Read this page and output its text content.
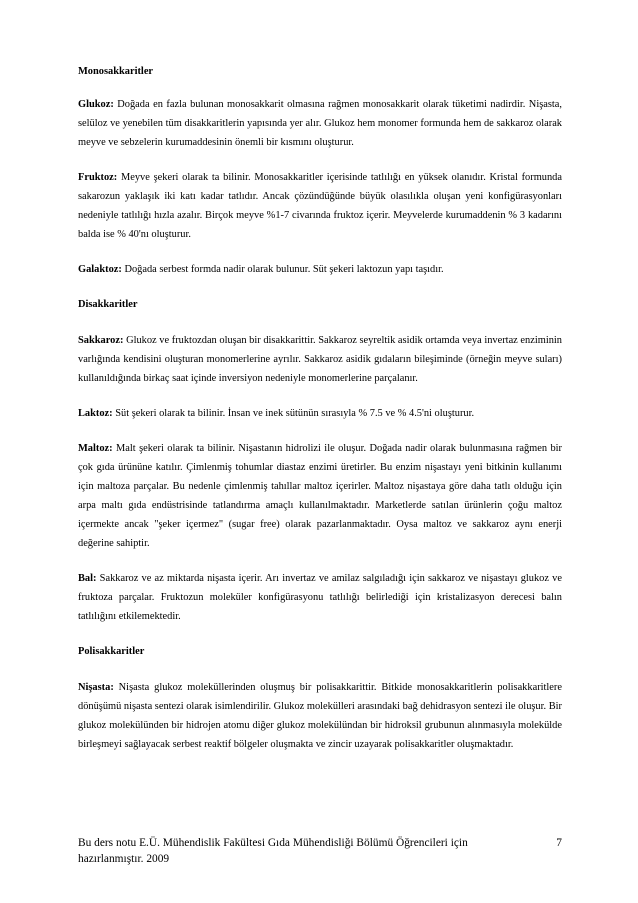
Monosakkaritler

Glukoz: Doğada en fazla bulunan monosakkarit olmasına rağmen monosakkarit olarak tüketimi nadirdir. Nişasta, selüloz ve yenebilen tüm disakkaritlerin yapısında yer alır. Glukoz hem monomer formunda hem de sakkaroz olarak meyve ve sebzelerin kurumaddesinin önemli bir kısmını oluşturur.

Fruktoz: Meyve şekeri olarak ta bilinir. Monosakkaritler içerisinde tatlılığı en yüksek olanıdır. Kristal formunda sakarozun yaklaşık iki katı kadar tatlıdır. Ancak çözündüğünde büyük olasılıkla oluşan yeni konfigürasyonları nedeniyle tatlılığı hızla azalır. Birçok meyve %1-7 civarında fruktoz içerir. Meyvelerde kurumaddenin % 3 kadarını balda ise % 40'nı oluşturur.

Galaktoz: Doğada serbest formda nadir olarak bulunur. Süt şekeri laktozun yapı taşıdır.

Disakkaritler

Sakkaroz: Glukoz ve fruktozdan oluşan bir disakkarittir. Sakkaroz seyreltik asidik ortamda veya invertaz enziminin varlığında kendisini oluşturan monomerlerine ayrılır. Sakkaroz asidik gıdaların bileşiminde (örneğin meyve suları) kullanıldığında birkaç saat içinde inversiyon nedeniyle monomerlerine parçalanır.

Laktoz: Süt şekeri olarak ta bilinir. İnsan ve inek sütünün sırasıyla % 7.5 ve % 4.5'ni oluşturur.

Maltoz: Malt şekeri olarak ta bilinir. Nişastanın hidrolizi ile oluşur. Doğada nadir olarak bulunmasına rağmen bir çok gıda ürününe katılır. Çimlenmiş tohumlar diastaz enzimi üretirler. Bu enzim nişastayı yeni bitkinin kullanımı için maltoza parçalar. Bu nedenle çimlenmiş tahıllar maltoz içerirler. Maltoz nişastaya göre daha tatlı olduğu için arpa maltı gıda endüstrisinde tatlandırma amaçlı kullanılmaktadır. Marketlerde satılan ürünlerin çoğu maltoz içermekte ancak "şeker içermez" (sugar free) olarak pazarlanmaktadır. Oysa maltoz ve sakkaroz aynı enerji değerine sahiptir.

Bal: Sakkaroz ve az miktarda nişasta içerir. Arı invertaz ve amilaz salgıladığı için sakkaroz ve nişastayı glukoz ve fruktoza parçalar. Fruktozun moleküler konfigürasyonu tatlılığı belirlediği için kristalizasyon derecesi balın tatlılığını etkilemektedir.

Polisakkaritler

Nişasta: Nişasta glukoz moleküllerinden oluşmuş bir polisakkarittir. Bitkide monosakkaritlerin polisakkaritlere dönüşümü nişasta sentezi olarak isimlendirilir. Glukoz molekülleri arasındaki bağ dehidrasyon sentezi ile oluşur. Bir glukoz molekülünden bir hidrojen atomu diğer glukoz molekülündan bir hidroksil grubunun alınmasıyla molekülde birleşmeyi sağlayacak serbest reaktif bölgeler oluşmakta ve zincir uzayarak polisakkaritler oluşmaktadır.

Bu ders notu E.Ü. Mühendislik Fakültesi Gıda Mühendisliği Bölümü Öğrencileri için hazırlanmıştır. 2009
7
